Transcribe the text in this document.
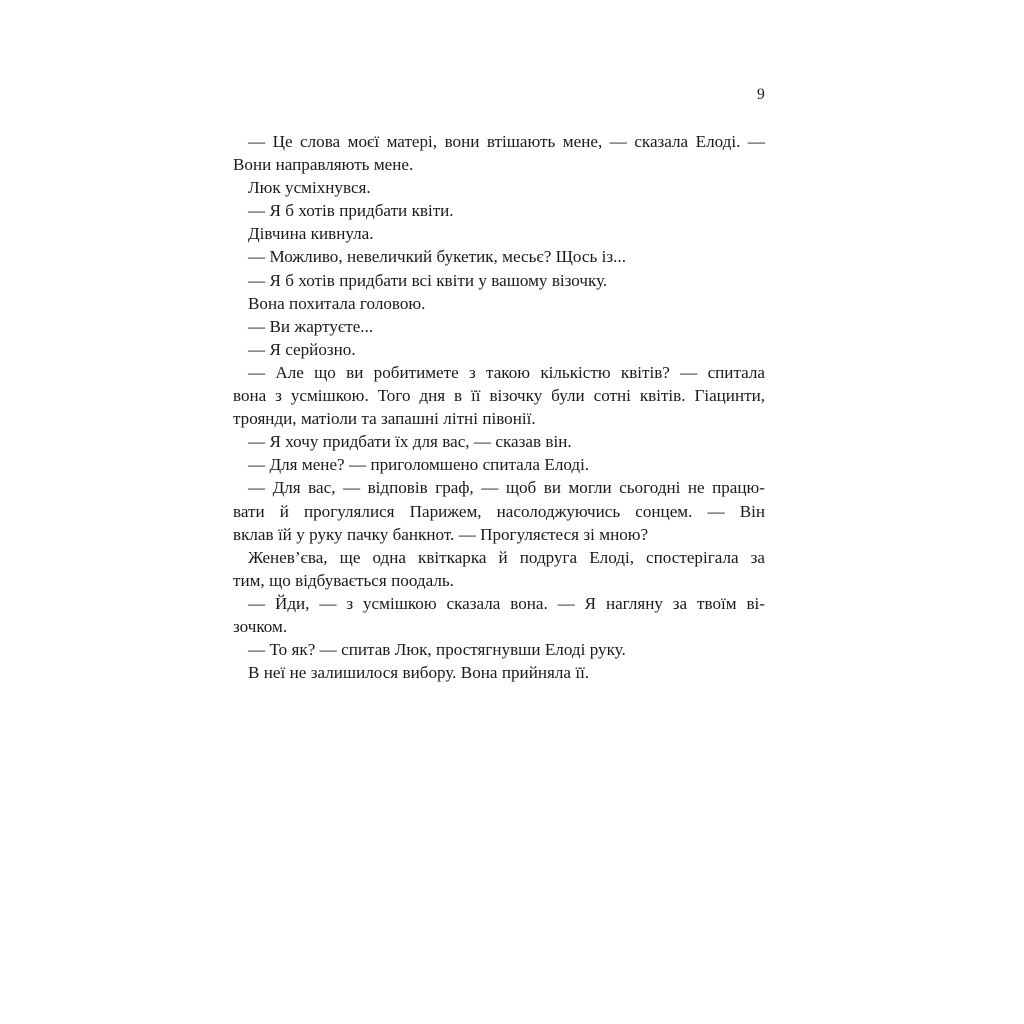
9

— Це слова моєї матері, вони втішають мене, — сказала Елоді. —
Вони направляють мене.

Люк усміхнувся.

— Я б хотів придбати квіти.

Дівчина кивнула.

— Можливо, невеличкий букетик, месьє? Щось із...

— Я б хотів придбати всі квіти у вашому візочку.

Вона похитала головою.

— Ви жартуєте...

— Я серйозно.

— Але що ви робитимете з такою кількістю квітів? — спитала
вона з усмішкою. Того дня в її візочку були сотні квітів. Гіацинти,
троянди, матіоли та запашні літні півонії.

— Я хочу придбати їх для вас, — сказав він.

— Для мене? — приголомшено спитала Елоді.

— Для вас, — відповів граф, — щоб ви могли сьогодні не працю-
вати й прогулялися Парижем, насолоджуючись сонцем. — Він
вклав їй у руку пачку банкнот. — Прогуляєтеся зі мною?

Женев’єва, ще одна квіткарка й подруга Елоді, спостерігала за
тим, що відбувається поодаль.

— Йди, — з усмішкою сказала вона. — Я нагляну за твоїм ві-
зочком.

— То як? — спитав Люк, простягнувши Елоді руку.

В неї не залишилося вибору. Вона прийняла її.
